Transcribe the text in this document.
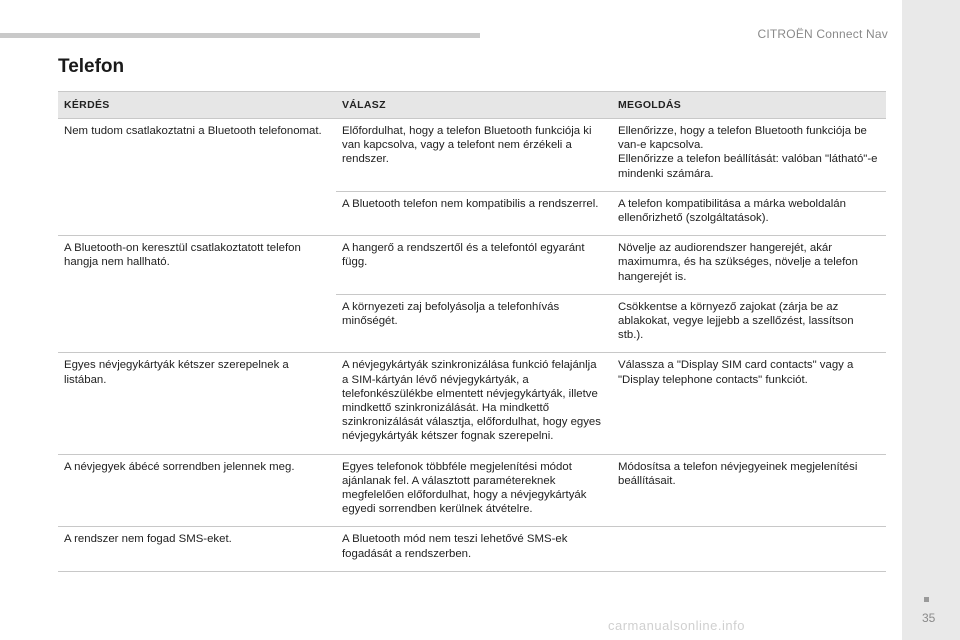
CITROËN Connect Nav
35
Telefon
KÉRDÉS	VÁLASZ	MEGOLDÁS
Nem tudom csatlakoztatni a Bluetooth telefonomat.	Előfordulhat, hogy a telefon Bluetooth funkciója ki van kapcsolva, vagy a telefont nem érzékeli a rendszer.	Ellenőrizze, hogy a telefon Bluetooth funkciója be van-e kapcsolva.
Ellenőrizze a telefon beállítását: valóban "látható"-e mindenki számára.

	A Bluetooth telefon nem kompatibilis a rendszerrel.	A telefon kompatibilitása a márka weboldalán ellenőrizhető (szolgáltatások).
A Bluetooth-on keresztül csatlakoztatott telefon hangja nem hallható.	A hangerő a rendszertől és a telefontól egyaránt függ.	Növelje az audiorendszer hangerejét, akár maximumra, és ha szükséges, növelje a telefon hangerejét is.
	A környezeti zaj befolyásolja a telefonhívás minőségét.	Csökkentse a környező zajokat (zárja be az ablakokat, vegye lejjebb a szellőzést, lassítson stb.).
Egyes névjegykártyák kétszer szerepelnek a listában.	A névjegykártyák szinkronizálása funkció felajánlja a SIM-kártyán lévő névjegykártyák, a telefonkészülékbe elmentett névjegykártyák, illetve mindkettő szinkronizálását. Ha mindkettő szinkronizálását választja, előfordulhat, hogy egyes névjegykártyák kétszer fognak szerepelni.	Válassza a "Display SIM card contacts" vagy a "Display telephone contacts" funkciót.
A névjegyek ábécé sorrendben jelennek meg.	Egyes telefonok többféle megjelenítési módot ajánlanak fel. A választott paramétereknek megfelelően előfordulhat, hogy a névjegykártyák egyedi sorrendben kerülnek átvételre.	Módosítsa a telefon névjegyeinek megjelenítési beállításait.
A rendszer nem fogad SMS-eket.	A Bluetooth mód nem teszi lehetővé SMS-ek fogadását a rendszerben.	
carmanualsonline.info
